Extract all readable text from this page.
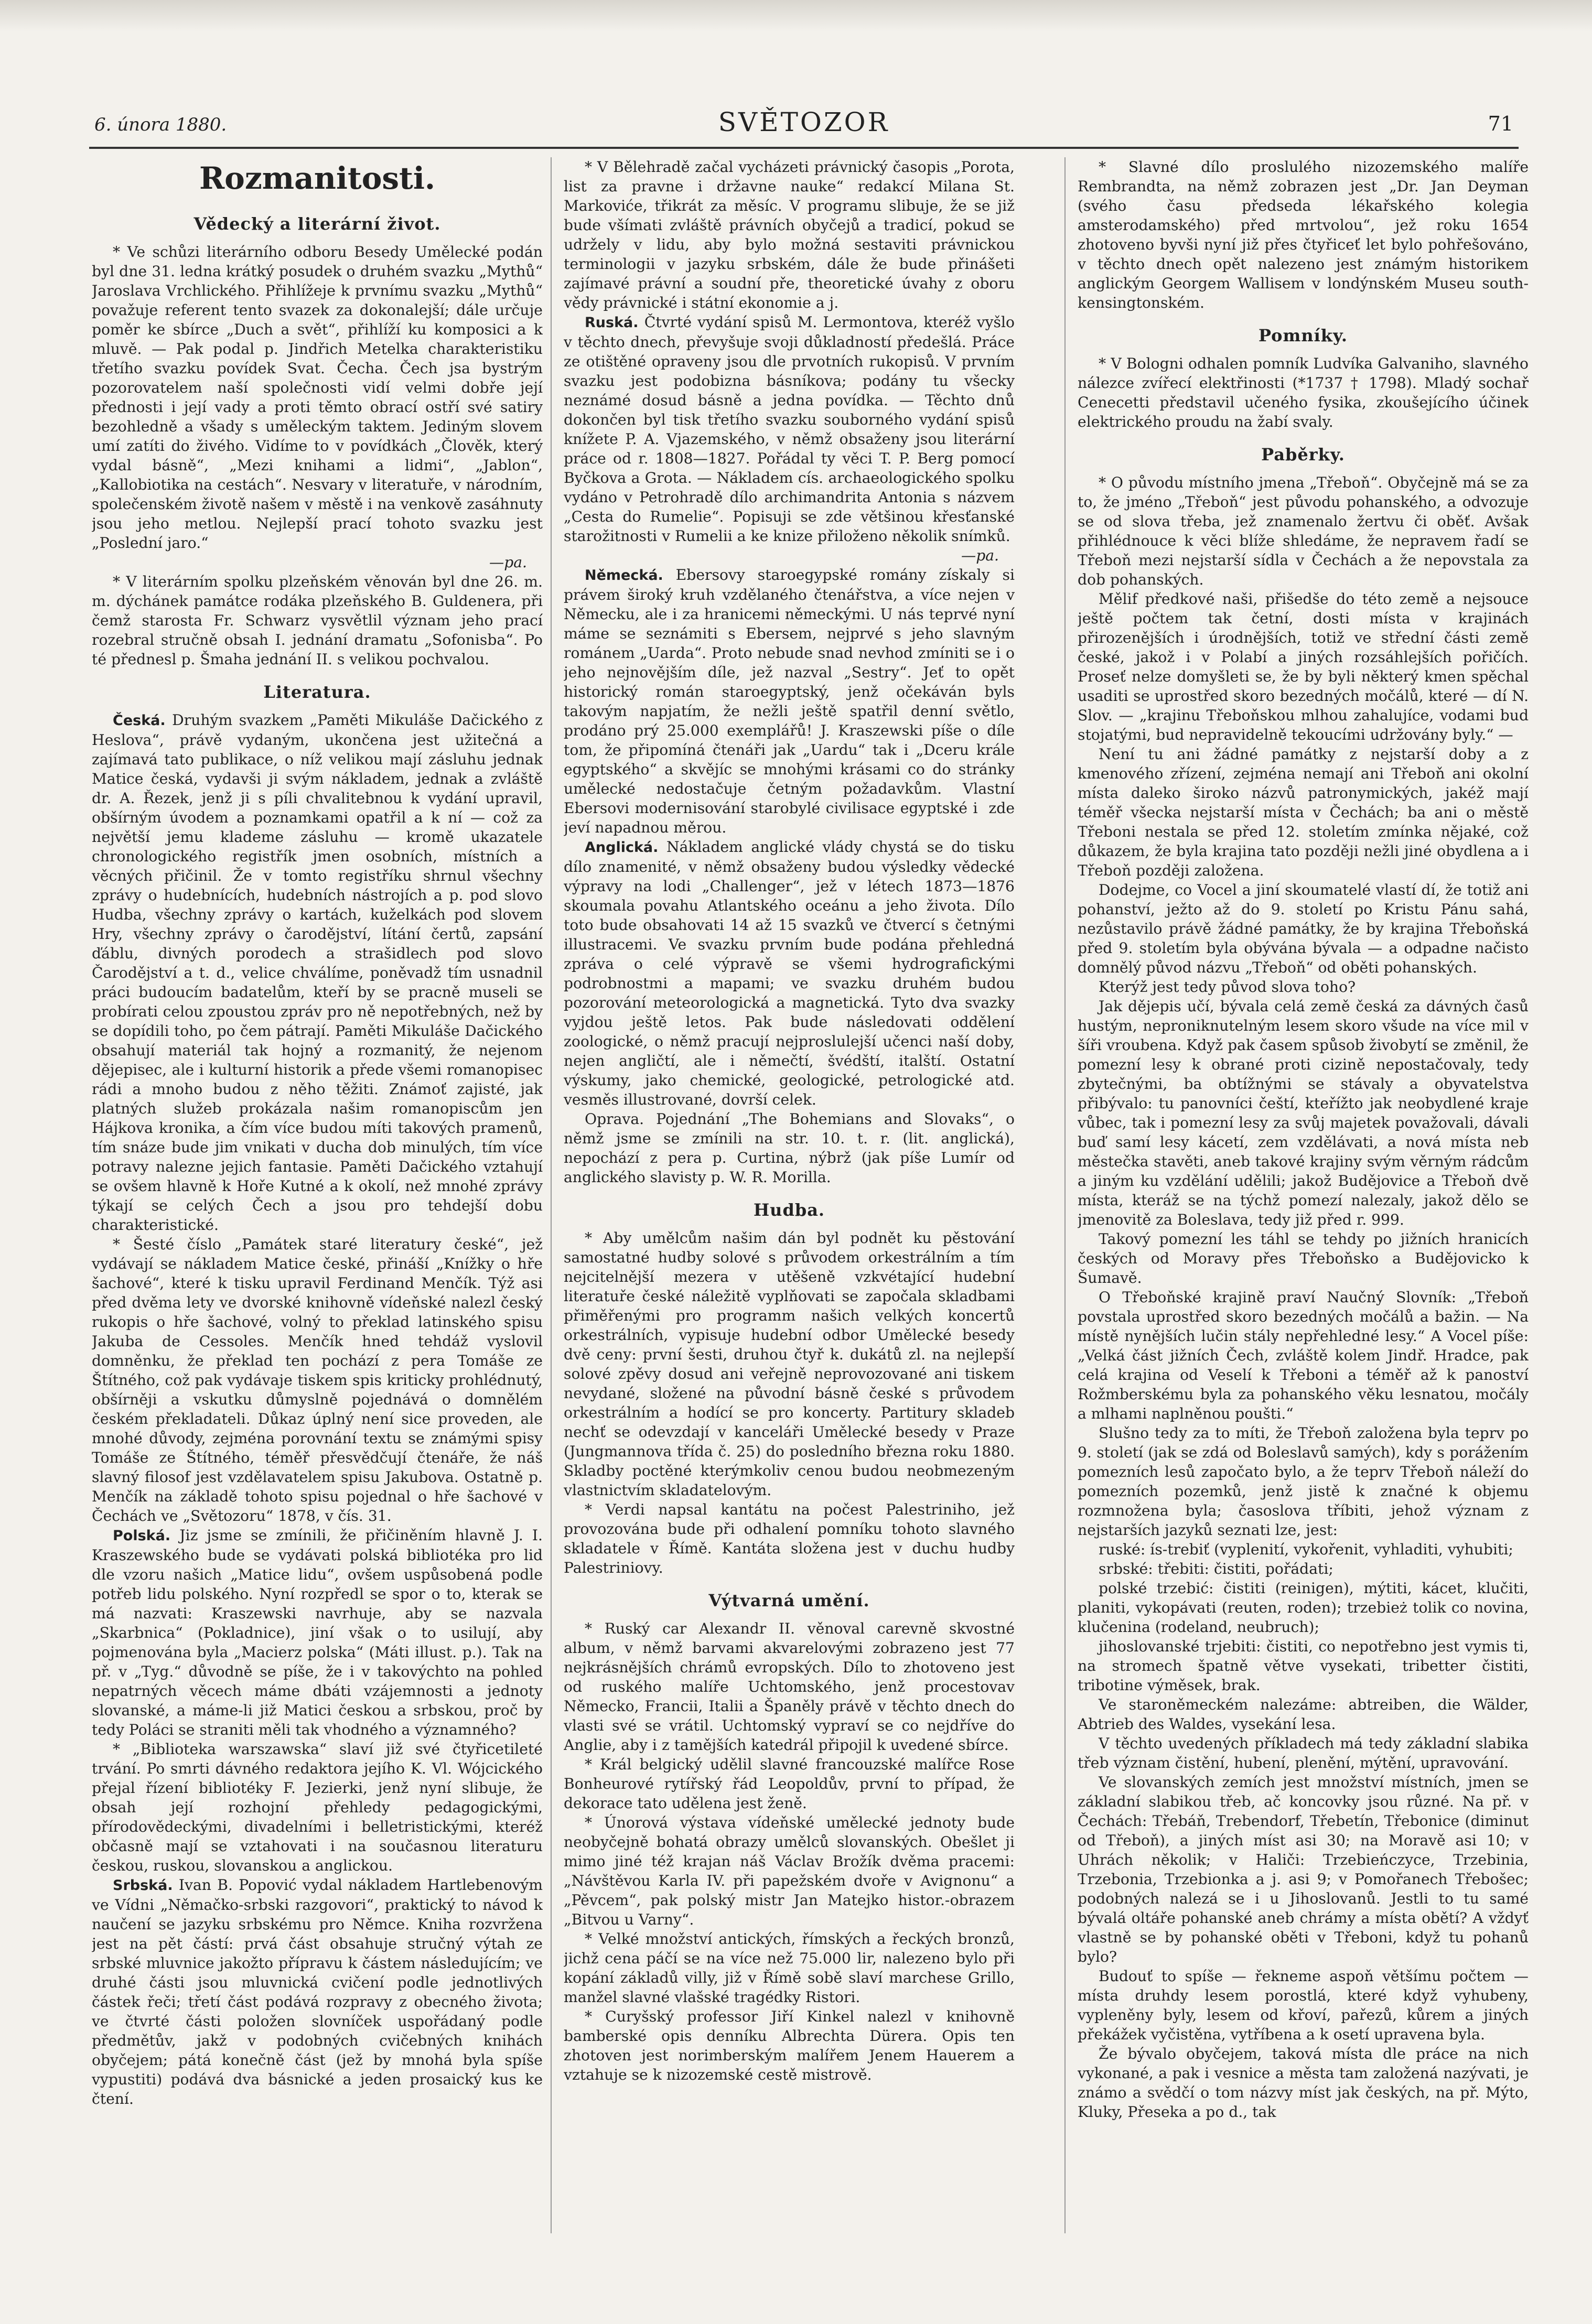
6. února 1880.	SVĚTOZOR	71
Rozmanitosti.
Vědecký a literární život.

* Ve schůzi literárního odboru Besedy Umělecké podán byl dne 31. ledna krátký posudek o druhém svazku „Mythů“ Jaroslava Vrchlického. Přihlížeje k prvnímu svazku „Mythů“ považuje referent tento svazek za dokonalejší; dále určuje poměr ke sbírce „Duch a svět“, přihlíží ku komposici a k mluvě. — Pak podal p. Jindřich Metelka charakteristiku třetího svazku povídek Svat. Čecha. Čech jsa bystrým pozorovatelem naší společnosti vidí velmi dobře její přednosti i její vady a proti těmto obrací ostří své satiry bezohledně a všady s uměleckým taktem. Jediným slovem umí zatíti do živého. Vidíme to v povídkách „Člověk, který vydal básně“, „Mezi knihami a lidmi“, „Jablon“, „Kallobiotika na cestách“. Nesvary v literatuře, v národním, společenském životě našem v městě i na venkově zasáhnuty jsou jeho metlou. Nejlepší prací tohoto svazku jest „Poslední jaro.“

—pa.

* V literárním spolku plzeňském věnován byl dne 26. m. m. dýchánek památce rodáka plzeňského B. Guldenera, při čemž starosta Fr. Schwarz vysvětlil význam jeho prací rozebral stručně obsah I. jednání dramatu „Sofonisba“. Po té přednesl p. Šmaha jednání II. s velikou pochvalou.

Literatura.

Česká. Druhým svazkem „Paměti Mikuláše Dačického z Heslova“, právě vydaným, ukončena jest užitečná a zajímavá tato publikace, o níž velikou mají zásluhu jednak Matice česká, vydavši ji svým nákladem, jednak a zvláště dr. A. Řezek, jenž ji s píli chvalitebnou k vydání upravil, obšírným úvodem a poznamkami opatřil a k ní — což za největší jemu klademe zásluhu — kromě ukazatele chronologického registřík jmen osobních, místních a věcných přičinil. Že v tomto registříku shrnul všechny zprávy o hudebnících, hudebních nástrojích a p. pod slovo Hudba, všechny zprávy o kartách, kuželkách pod slovem Hry, všechny zprávy o čarodějství, lítání čertů, zapsání ďáblu, divných porodech a strašidlech pod slovo Čarodějství a t. d., velice chválíme, poněvadž tím usnadnil práci budoucím badatelům, kteří by se pracně museli se probírati celou zpoustou zpráv pro ně nepotřebných, než by se dopídili toho, po čem pátrají. Paměti Mikuláše Dačického obsahují materiál tak hojný a rozmanitý, že nejenom dějepisec, ale i kulturní historik a přede všemi romanopisec rádi a mnoho budou z něho těžiti. Známoť zajisté, jak platných služeb prokázala našim romanopiscům jen Hájkova kronika, a čím více budou míti takových pramenů, tím snáze bude jim vnikati v ducha dob minulých, tím více potravy nalezne jejich fantasie. Paměti Dačického vztahují se ovšem hlavně k Hoře Kutné a k okolí, než mnohé zprávy týkají se celých Čech a jsou pro tehdejší dobu charakteristické.

* Šesté číslo „Památek staré literatury české“, jež vydávají se nákladem Matice české, přináší „Knížky o hře šachové“, které k tisku upravil Ferdinand Menčík. Týž asi před dvěma lety ve dvorské knihovně vídeňské nalezl český rukopis o hře šachové, volný to překlad latinského spisu Jakuba de Cessoles. Menčík hned tehdáž vyslovil domněnku, že překlad ten pochází z pera Tomáše ze Štítného, což pak vydávaje tiskem spis kriticky prohlédnutý, obšírněji a vskutku důmyslně pojednává o domnělém českém překladateli. Důkaz úplný není sice proveden, ale mnohé důvody, zejména porovnání textu se známými spisy Tomáše ze Štítného, téměř přesvědčují čtenáře, že náš slavný filosof jest vzdělavatelem spisu Jakubova. Ostatně p. Menčík na základě tohoto spisu pojednal o hře šachové v Čechách ve „Světozoru“ 1878, v čís. 31.

Polská. Jiz jsme se zmínili, že přičiněním hlavně J. I. Kraszewského bude se vydávati polská bibliotéka pro lid dle vzoru našich „Matice lidu“, ovšem uspůsobená podle potřeb lidu polského. Nyní rozpředl se spor o to, kterak se má nazvati: Kraszewski navrhuje, aby se nazvala „Skarbnica“ (Pokladnice), jiní však o to usilují, aby pojmenována byla „Macierz polska“ (Máti illust. p.). Tak na př. v „Tyg.“ důvodně se píše, že i v takovýchto na pohled nepatrných věcech máme dbáti vzájemnosti a jednoty slovanské, a máme-li již Matici českou a srbskou, proč by tedy Poláci se straniti měli tak vhodného a významného?

* „Biblioteka warszawska“ slaví již své čtyřicetileté trvání. Po smrti dávného redaktora jejího K. Vl. Wójcického přejal řízení bibliotéky F. Jezierki, jenž nyní slibuje, že obsah její rozhojní přehledy pedagogickými, přírodovědeckými, divadelními i belletristickými, kteréž občasně mají se vztahovati i na současnou literaturu českou, ruskou, slovanskou a anglickou.

Srbská. Ivan B. Popović vydal nákladem Hartlebenovým ve Vídni „Němačko-srbski razgovori“, praktický to návod k naučení se jazyku srbskému pro Němce. Kniha rozvržena jest na pět částí: prvá část obsahuje stručný výtah ze srbské mluvnice jakožto přípravu k částem následujícím; ve druhé části jsou mluvnická cvičení podle jednotlivých částek řeči; třetí část podává rozpravy z obecného života; ve čtvrté části položen slovníček uspořádaný podle předmětův, jakž v podobných cvičebných knihách obyčejem; pátá konečně část (jež by mnohá byla spíše vypustiti) podává dva básnické a jeden prosaický kus ke čtení.

* V Bělehradě začal vycházeti právnický časopis „Porota, list za pravne i državne nauke“ redakcí Milana St. Markoviće, třikrát za měsíc. V programu slibuje, že se již bude všímati zvláště právních obyčejů a tradicí, pokud se udržely v lidu, aby bylo možná sestaviti právnickou terminologii v jazyku srbském, dále že bude přinášeti zajímavé právní a soudní pře, theoretické úvahy z oboru vědy právnické i státní ekonomie a j.

Ruská. Čtvrté vydání spisů M. Lermontova, kteréž vyšlo v těchto dnech, převyšuje svoji důkladností předešlá. Práce ze otištěné opraveny jsou dle prvotních rukopisů. V prvním svazku jest podobizna básníkova; podány tu všecky neznámé dosud básně a jedna povídka. — Těchto dnů dokončen byl tisk třetího svazku souborného vydání spisů knížete P. A. Vjazemského, v němž obsaženy jsou literární práce od r. 1808—1827. Pořádal ty věci T. P. Berg pomocí Byčkova a Grota. — Nákladem cís. archaeologického spolku vydáno v Petrohradě dílo archimandrita Antonia s názvem „Cesta do Rumelie“. Popisuji se zde většinou křesťanské starožitnosti v Rumelii a ke knize přiloženo několik snímků.

—pa.

Německá. Ebersovy staroegypské romány získaly si právem široký kruh vzdělaného čtenářstva, a více nejen v Německu, ale i za hranicemi německými. U nás teprvé nyní máme se seznámiti s Ebersem, nejprvé s jeho slavným románem „Uarda“. Proto nebude snad nevhod zmíniti se i o jeho nejnovějším díle, jež nazval „Sestry“. Jeť to opět historický román staroegyptský, jenž očekáván byls takovým napjatím, že nežli ještě spatřil denní světlo, prodáno prý 25.000 exemplářů! J. Kraszewski píše o díle tom, že připomíná čtenáři jak „Uardu“ tak i „Dceru krále egyptského“ a skvějíc se mnohými krásami co do stránky umělecké nedostačuje četným požadavkům. Vlastní Ebersovi modernisování starobylé civilisace egyptské i ​​ zde jeví napadnou měrou.

Anglická. Nákladem anglické vlády chystá se do tisku dílo znamenité, v němž obsaženy budou výsledky vědecké výpravy na lodi „Challenger“, jež v létech 1873—1876 skoumala povahu Atlantského oceánu a jeho života. Dílo toto bude obsahovati 14 až 15 svazků ve čtvercí s četnými illustracemi. Ve svazku prvním bude podána přehledná zpráva o celé výpravě se všemi hydrografickými podrobnostmi a mapami; ve svazku druhém budou pozorování meteorologická a magnetická. Tyto dva svazky vyjdou ještě letos. Pak bude následovati oddělení zoologické, o němž pracují nejproslulejší učenci naší doby, nejen angličtí, ale i němečtí, švédští, italští. Ostatní výskumy, jako chemické, geologické, petrologické atd. vesměs illustrované, dovrší celek.

Oprava. Pojednání „The Bohemians and Slovaks“, o němž jsme se zmínili na str. 10. t. r. (lit. anglická), nepochází z pera p. Curtina, nýbrž (jak píše Lumír od anglického slavisty p. W. R. Morilla.

Hudba.

* Aby umělcům našim dán byl podnět ku pěstování samostatné hudby solové s průvodem orkestrálním a tím nejcitelnější mezera v utěšeně vzkvétající hudební literatuře české náležitě vyplňovati se započala skladbami přiměřenými pro programm našich velkých koncertů orkestrálních, vypisuje hudební odbor Umělecké besedy dvě ceny: první šesti, druhou čtyř k. dukátů zl. na nejlepší solové zpěvy dosud ani veřejně neprovozované ani tiskem nevydané, složené na původní básně české s průvodem orkestrálním a hodící se pro koncerty. Partitury skladeb nechť se odevzdají v kanceláři Umělecké besedy v Praze (Jungmannova třída č. 25) do posledního března roku 1880. Skladby poctěné kterýmkoliv cenou budou neobmezeným vlastnictvím skladatelovým.

* Verdi napsal kantátu na počest Palestriniho, jež provozována bude při odhalení pomníku tohoto slavného skladatele v Římě. Kantáta složena jest v duchu hudby Palestriniovy.

Výtvarná umění.

* Ruský car Alexandr II. věnoval carevně skvostné album, v němž barvami akvarelovými zobrazeno jest 77 nejkrásnějších chrámů evropských. Dílo to zhotoveno jest od ruského malíře Uchtomského, jenž procestovav Německo, Francii, Italii a Španěly právě v těchto dnech do vlasti své se vrátil. Uchtomský vypraví se co nejdříve do Anglie, aby i z tamějších katedrál připojil k uvedené sbírce.

* Král belgický udělil slavné francouzské malířce Rose Bonheurové rytířský řád Leopoldův, první to případ, že dekorace tato udělena jest ženě.

* Únorová výstava vídeňské umělecké jednoty bude neobyčejně bohatá obrazy umělců slovanských. Obešlet ji mimo jiné též krajan náš Václav Brožík dvěma pracemi: „Návštěvou Karla IV. při papežském dvoře v Avignonu“ a „Pěvcem“, pak polský mistr Jan Matejko histor.-obrazem „Bitvou u Varny“.

* Velké množství antických, římských a řeckých bronzů, jichž cena páčí se na více než 75.000 lir, nalezeno bylo při kopání základů villy, již v Římě sobě slaví marchese Grillo, manžel slavné vlašské tragédky Ristori.

* Curyšský professor Jiří Kinkel nalezl v knihovně bamberské opis denníku Albrechta Dürera. Opis ten zhotoven jest norimberským malířem Jenem Hauerem a vztahuje se k nizozemské cestě mistrově.

* Slavné dílo proslulého nizozemského malíře Rembrandta, na němž zobrazen jest „Dr. Jan Deyman (svého času předseda lékařského kolegia amsterodamského) před mrtvolou“, jež roku 1654 zhotoveno byvši nyní již přes čtyřiceť let bylo pohřešováno, v těchto dnech opět nalezeno jest známým historikem anglickým Georgem Wallisem v londýnském Museu south-kensingtonském.

Pomníky.

* V Bologni odhalen pomník Ludvíka Galvaniho, slavného nálezce zvířecí elektřinosti (*1737 † 1798). Mladý sochař Cenecetti představil učeného fysika, zkoušejícího účinek elektrického proudu na žabí svaly.

Paběrky.

* O původu místního jmena „Třeboň“. Obyčejně má se za to, že jméno „Třeboň“ jest původu pohanského, a odvozuje se od slova třeba, jež znamenalo žertvu či oběť. Avšak přihlédnouce k věci blíže shledáme, že nepravem řadí se Třeboň mezi nejstarší sídla v Čechách a že nepovstala za dob pohanských.

Mělif předkové naši, přišedše do této země a nejsouce ještě počtem tak četní, dosti místa v krajinách přirozenějších i úrodnějších, totiž ve střední části země české, jakož i v Polabí a jiných rozsáhlejších pořičích. Proseť nelze domyšleti se, že by byli některý kmen spěchal usaditi se uprostřed skoro bezedných močálů, které — dí N. Slov. — „krajinu Třeboňskou mlhou zahalujíce, vodami bud stojatými, bud nepravidelně tekoucími udržovány byly.“ —

Není tu ani žádné památky z nejstarší doby a z kmenového zřízení, zejména nemají ani Třeboň ani okolní místa daleko široko názvů patronymických, jakéž mají téměř všecka nejstarší místa v Čechách; ba ani o městě Třeboni nestala se před 12. stoletím zmínka nějaké, což důkazem, že byla krajina tato později nežli jiné obydlena a i Třeboň později založena.

Dodejme, co Vocel a jiní skoumatelé vlastí dí, že totiž ani pohanství, ježto až do 9. století po Kristu Pánu sahá, nezůstavilo právě žádné památky, že by krajina Třeboňská před 9. stoletím byla obývána bývala — a odpadne načisto domnělý původ názvu „Třeboň“ od oběti pohanských.

Kterýž jest tedy původ slova toho?

Jak dějepis učí, bývala celá země česká za dávných časů hustým, neproniknutelným lesem skoro všude na více mil v šíři vroubena. Když pak časem spůsob živobytí se změnil, že pomezní lesy k obrané proti cizině nepostačovaly, tedy zbytečnými, ba obtížnými se stávaly a obyvatelstva přibývalo: tu panovníci čeští, kteřížto jak neobydlené kraje vůbec, tak i pomezní lesy za svůj majetek považovali, dávali buď samí lesy kácetí, zem vzdělávati, a nová místa neb městečka stavěti, aneb takové krajiny svým věrným rádcům a jiným ku vzdělání udělili; jakož Budějovice a Třeboň dvě místa, kteráž se na týchž pomezí nalezaly, jakož dělo se jmenovitě za Boleslava, tedy již před r. 999.

Takový pomezní les táhl se tehdy po jižních hranicích českých od Moravy přes Třeboňsko a Budějovicko k Šumavě.

O Třeboňské krajině praví Naučný Slovník: „Třeboň povstala uprostřed skoro bezedných močálů a bažin. — Na místě nynějších lučin stály nepřehledné lesy.“ A Vocel píše: „Velká část jižních Čech, zvláště kolem Jindř. Hradce, pak celá krajina od Veselí k Třeboni a téměř až k panoství Rožmberskému byla za pohanského věku lesnatou, močály a mlhami naplněnou poušti.“

Slušno tedy za to míti, že Třeboň založena byla teprv po 9. století (jak se zdá od Boleslavů samých), kdy s porážením pomezních lesů započato bylo, a že teprv Třeboň náleží do pomezních pozemků, jenž jistě k značné k objemu rozmnožena byla; časoslova tříbiti, jehož význam z nejstarších jazyků seznati lze, jest:

ruské: ís-trebiť (vyplenití, vykořenit, vyhladiti, vyhubiti;

srbské: třebiti: čistiti, pořádati;

polské trzebić: čistiti (reinigen), mýtiti, kácet, klučiti, planiti, vykopávati (reuten, roden); trzebież tolik co novina, klučenina (rodeland, neubruch);

jihoslovanské trjebiti: čistiti, co nepotřebno jest vymis ti, na stromech špatně větve vysekati, tribetter čistiti, tribotine výměsek, brak.

Ve staroněmeckém nalezáme: abtreiben, die Wälder, Abtrieb des Waldes, vysekání lesa.

V těchto uvedených příkladech má tedy základní slabika třeb význam čistění, hubení, plenění, mýtění, upravování.

Ve slovanských zemích jest množství místních, jmen se základní slabikou třeb, ač koncovky jsou různé. Na př. v Čechách: Třebáň, Trebendorf, Třebetín, Třebonice (diminut od Třeboň), a jiných míst asi 30; na Moravě asi 10; v Uhrách několik; v Haliči: Trzebieńczyce, Trzebinia, Trzebonia, Trzebionka a j. asi 9; v Pomořanech Třebošec; podobných nalezá se i u Jihoslovanů. Jestli to tu samé bývalá oltáře pohanské aneb chrámy a místa obětí? A vždyť vlastně se by pohanské oběti v Třeboni, když tu pohanů bylo?

Budouť to spíše — řekneme aspoň většímu počtem — místa druhdy lesem porostlá, které když vyhubeny, vypleněny byly, lesem od křoví, pařezů, kůrem a jiných překážek vyčistěna, vytříbena a k osetí upravena byla.

Že bývalo obyčejem, taková místa dle práce na nich vykonané, a pak i vesnice a města tam založená nazývati, je známo a svědčí o tom názvy míst jak českých, na př. Mýto, Kluky, Přeseka a po d., tak
